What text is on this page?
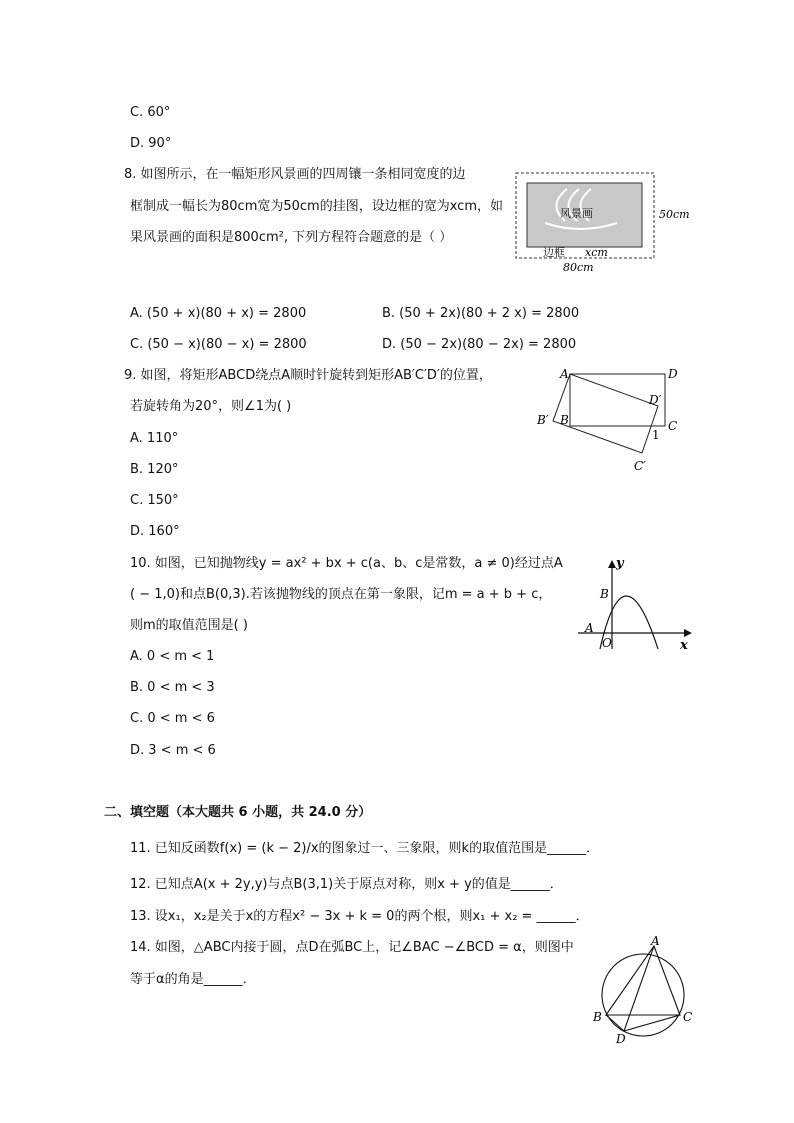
C. 60°
D. 90°
8. 如图所示，在一幅矩形风景画的四周镶一条相同宽度的边
框制成一幅长为80cm宽为50cm的挂图，设边框的宽为xcm，如
果风景画的面积是800cm², 下列方程符合题意的是（ ）
风景画
边框 xcm
50cm
80cm
A. (50 + x)(80 + x) = 2800	B. (50 + 2x)(80 + 2 x) = 2800
C. (50 − x)(80 − x) = 2800	D. (50 − 2x)(80 − 2x) = 2800
9. 如图，将矩形ABCD绕点A顺时针旋转到矩形AB′C′D′的位置，
若旋转角为20°，则∠1为( )
A	D
D′
B′ B	C
1
C′
A. 110°
B. 120°
C. 150°
D. 160°
10. 如图，已知抛物线y = ax² + bx + c(a、b、c是常数，a ≠ 0)经过点A
( − 1,0)和点B(0,3).若该抛物线的顶点在第一象限，记m = a + b + c，
则m的取值范围是( )
y
x
B
A
O
A. 0 < m < 1
B. 0 < m < 3
C. 0 < m < 6
D. 3 < m < 6
二、填空题（本大题共 6 小题，共 24.0 分）
11. 已知反函数f(x) = (k − 2)/x的图象过一、三象限，则k的取值范围是______．
12. 已知点A(x + 2y,y)与点B(3,1)关于原点对称，则x + y的值是______．
13. 设x₁，x₂是关于x的方程x² − 3x + k = 0的两个根，则x₁ + x₂ = ______．
14. 如图，△ABC内接于圆，点D在弧BC上，记∠BAC −∠BCD = α，则图中
等于α的角是______．
A
B	C
D
